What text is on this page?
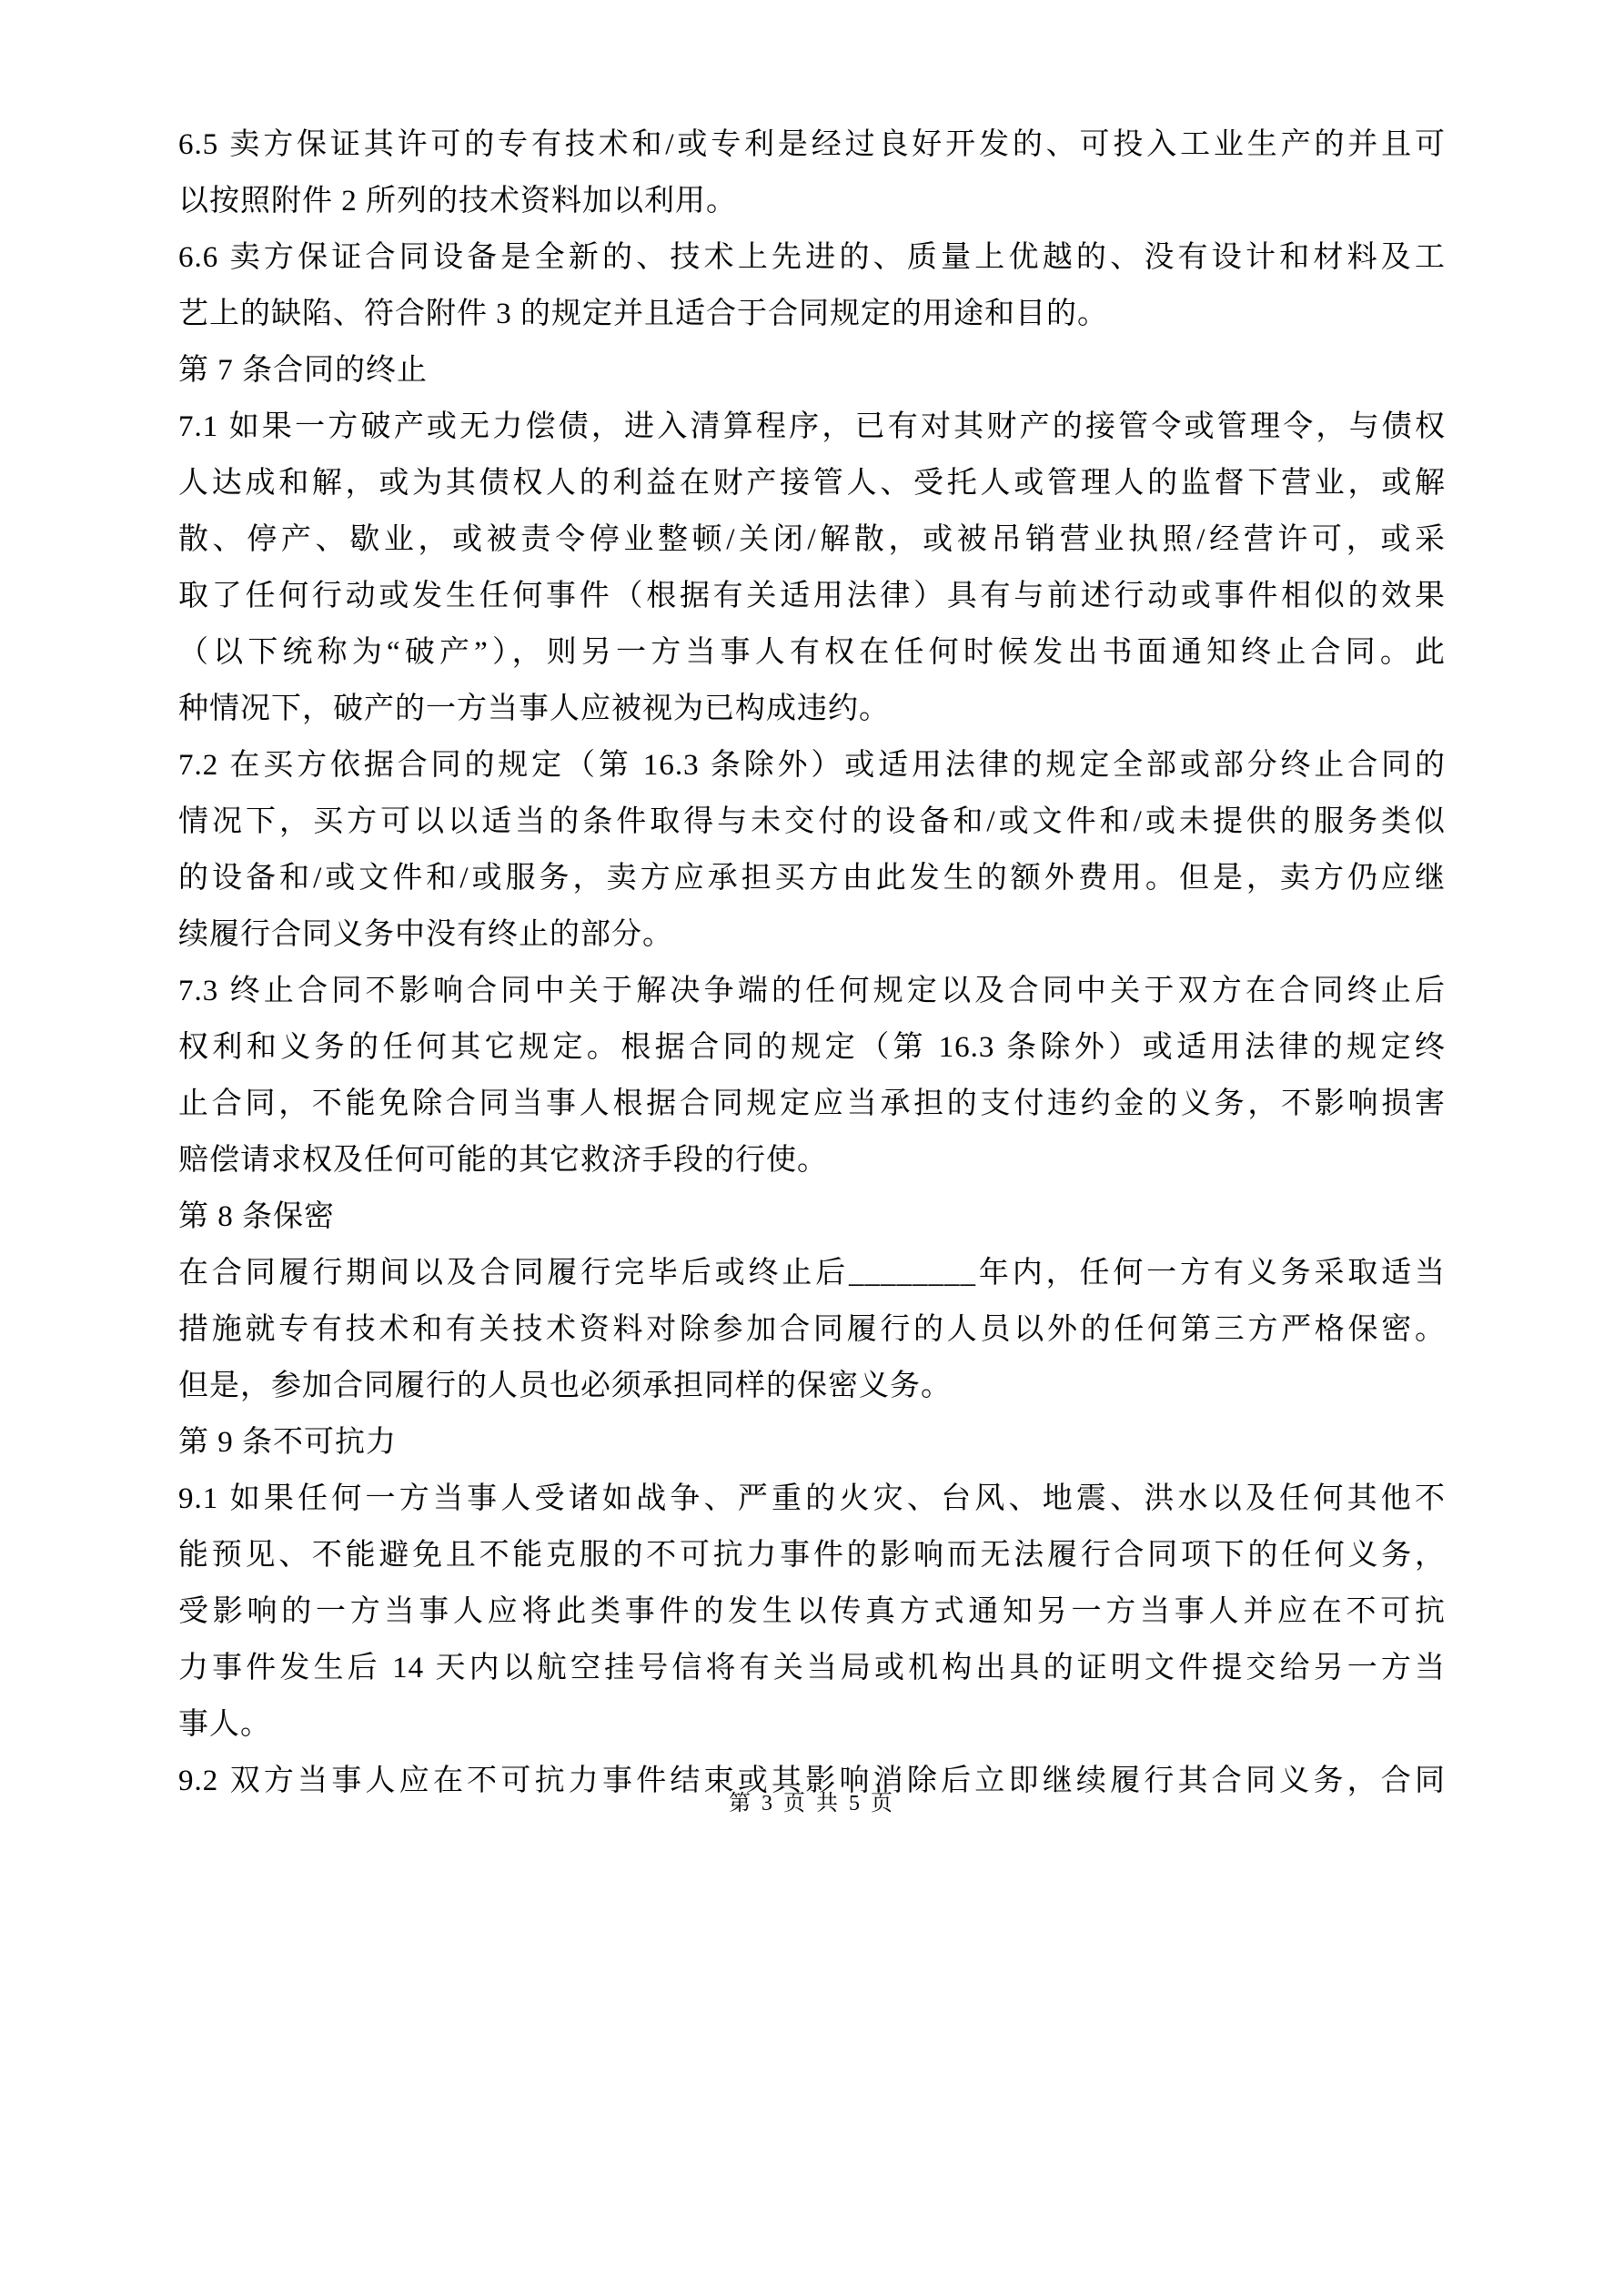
6.5 卖方保证其许可的专有技术和/或专利是经过良好开发的、可投入工业生产的并且可
以按照附件 2 所列的技术资料加以利用。
6.6 卖方保证合同设备是全新的、技术上先进的、质量上优越的、没有设计和材料及工
艺上的缺陷、符合附件 3 的规定并且适合于合同规定的用途和目的。
第 7 条合同的终止
7.1 如果一方破产或无力偿债，进入清算程序，已有对其财产的接管令或管理令，与债权
人达成和解，或为其债权人的利益在财产接管人、受托人或管理人的监督下营业，或解
散、停产、歇业，或被责令停业整顿/关闭/解散，或被吊销营业执照/经营许可，或采
取了任何行动或发生任何事件（根据有关适用法律）具有与前述行动或事件相似的效果
（以下统称为“破产”），则另一方当事人有权在任何时候发出书面通知终止合同。此
种情况下，破产的一方当事人应被视为已构成违约。
7.2 在买方依据合同的规定（第 16.3 条除外）或适用法律的规定全部或部分终止合同的
情况下，买方可以以适当的条件取得与未交付的设备和/或文件和/或未提供的服务类似
的设备和/或文件和/或服务，卖方应承担买方由此发生的额外费用。但是，卖方仍应继
续履行合同义务中没有终止的部分。
7.3 终止合同不影响合同中关于解决争端的任何规定以及合同中关于双方在合同终止后
权利和义务的任何其它规定。根据合同的规定（第 16.3 条除外）或适用法律的规定终
止合同，不能免除合同当事人根据合同规定应当承担的支付违约金的义务，不影响损害
赔偿请求权及任何可能的其它救济手段的行使。
第 8 条保密
在合同履行期间以及合同履行完毕后或终止后________年内，任何一方有义务采取适当
措施就专有技术和有关技术资料对除参加合同履行的人员以外的任何第三方严格保密。
但是，参加合同履行的人员也必须承担同样的保密义务。
第 9 条不可抗力
9.1 如果任何一方当事人受诸如战争、严重的火灾、台风、地震、洪水以及任何其他不
能预见、不能避免且不能克服的不可抗力事件的影响而无法履行合同项下的任何义务，
受影响的一方当事人应将此类事件的发生以传真方式通知另一方当事人并应在不可抗
力事件发生后 14 天内以航空挂号信将有关当局或机构出具的证明文件提交给另一方当
事人。
9.2 双方当事人应在不可抗力事件结束或其影响消除后立即继续履行其合同义务，合同
第 3 页 共 5 页
